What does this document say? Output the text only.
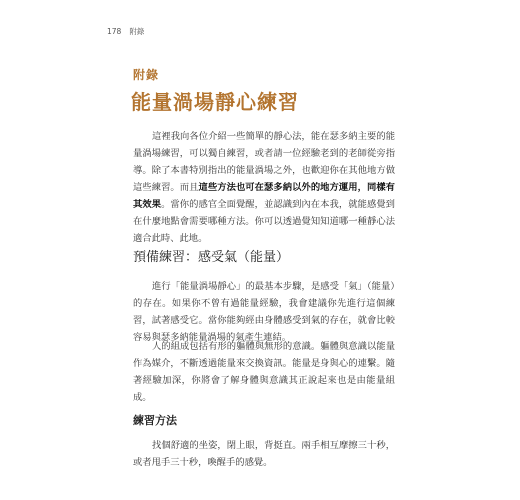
178 附錄
附錄
能量渦場靜心練習

這裡我向各位介紹一些簡單的靜心法，能在瑟多納主要的能量渦場練習，可以獨自練習，或者請一位經驗老到的老師從旁指導。除了本書特別指出的能量渦場之外，也歡迎你在其他地方做這些練習。而且這些方法也可在瑟多納以外的地方運用，同樣有其效果。當你的感官全面覺醒，並認識到內在本我，就能感覺到在什麼地點會需要哪種方法。你可以透過覺知知道哪一種靜心法適合此時、此地。

預備練習：感受氣（能量）

進行「能量渦場靜心」的最基本步驟，是感受「氣」（能量）的存在。如果你不曾有過能量經驗，我會建議你先進行這個練習，試著感受它。當你能夠經由身體感受到氣的存在，就會比較容易與瑟多納能量渦場的氣產生連結。

人的組成包括有形的軀體與無形的意識。軀體與意識以能量作為媒介，不斷透過能量來交換資訊。能量是身與心的連繫。隨著經驗加深，你將會了解身體與意識其正說起來也是由能量組成。

練習方法

找個舒適的坐姿，閉上眼，背挺直。兩手相互摩擦三十秒，或者甩手三十秒，喚醒手的感覺。
